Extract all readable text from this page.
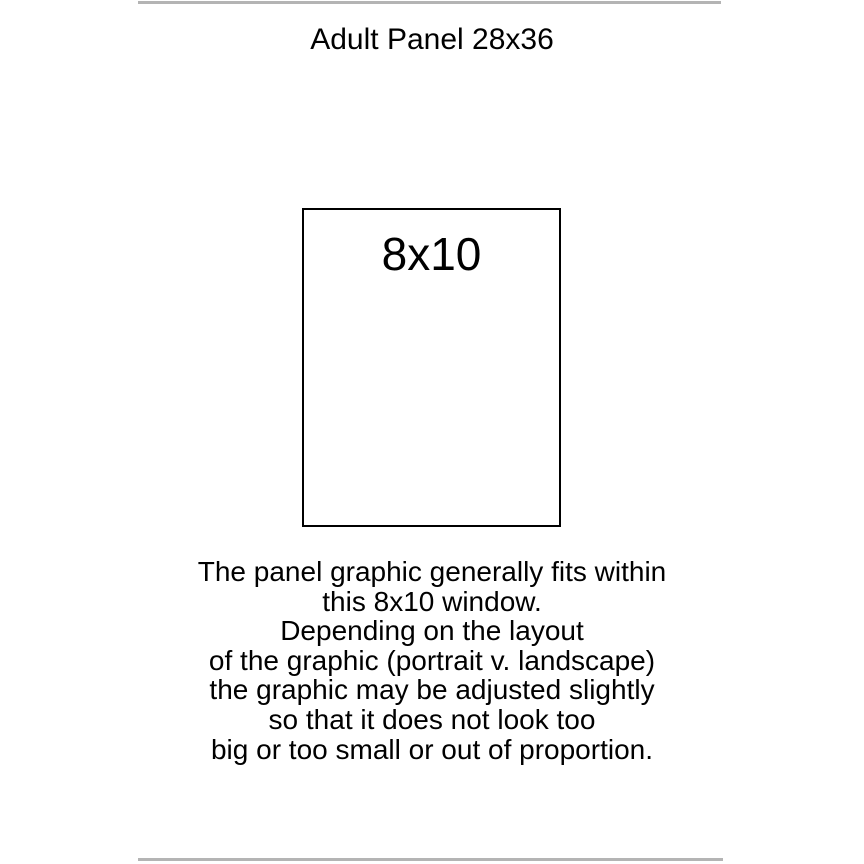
Adult Panel 28x36
8x10
The panel graphic generally fits within
this 8x10 window.
Depending on the layout
of the graphic (portrait v. landscape)
the graphic may be adjusted slightly
so that it does not look too
big or too small or out of proportion.
